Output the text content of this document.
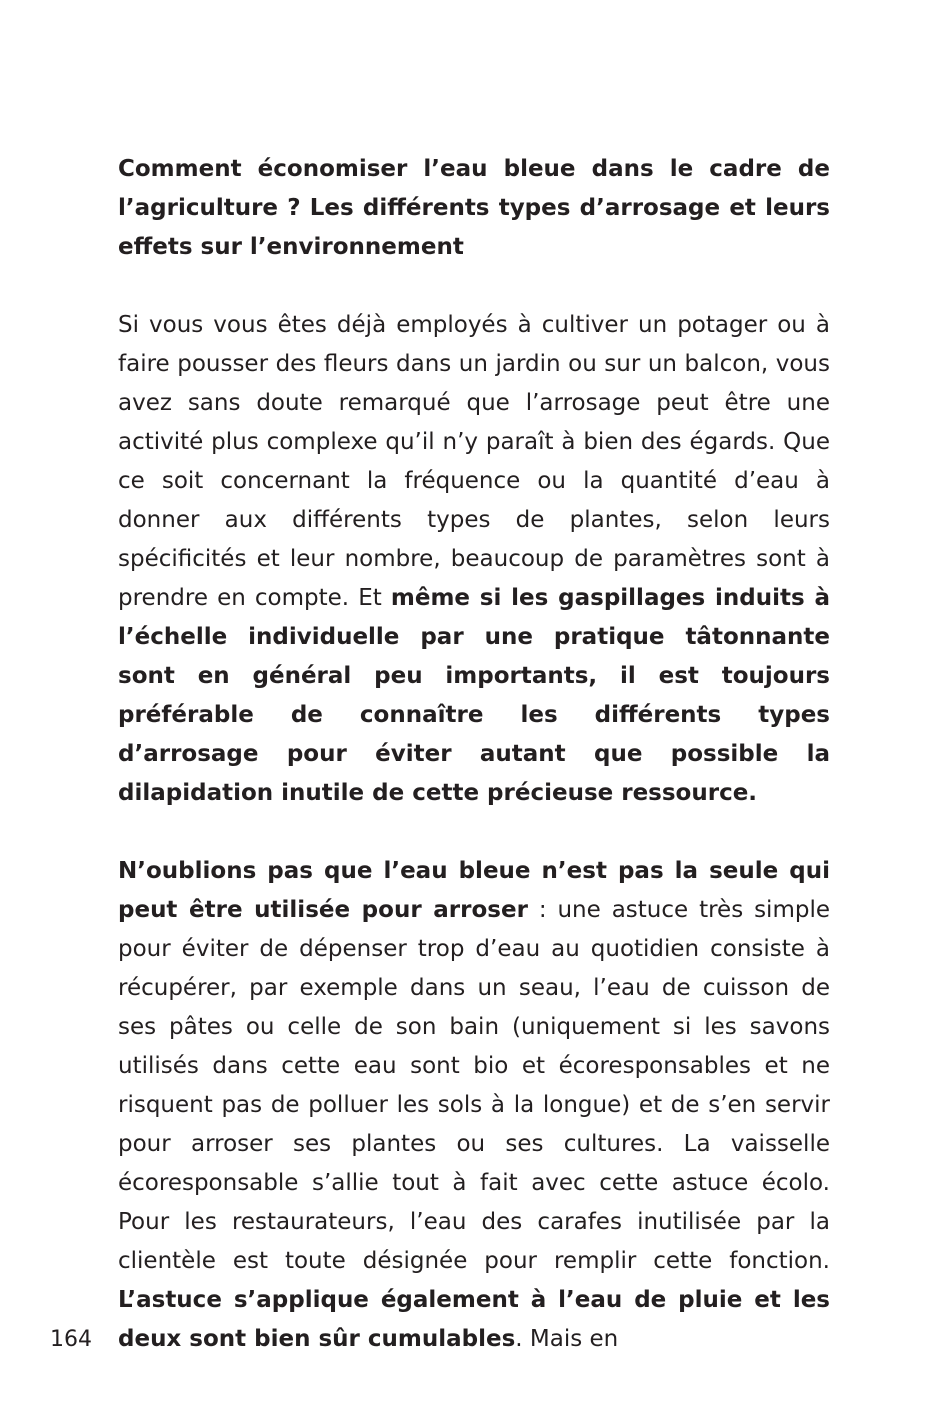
Comment économiser l’eau bleue dans le cadre de l’agriculture ? Les différents types d’arrosage et leurs effets sur l’environnement

Si vous vous êtes déjà employés à cultiver un potager ou à faire pousser des fleurs dans un jardin ou sur un balcon, vous avez sans doute remarqué que l’arrosage peut être une activité plus complexe qu’il n’y paraît à bien des égards. Que ce soit concernant la fréquence ou la quantité d’eau à donner aux différents types de plantes, selon leurs spécificités et leur nombre, beaucoup de paramètres sont à prendre en compte. Et même si les gaspillages induits à l’échelle individuelle par une pratique tâtonnante sont en général peu importants, il est toujours préférable de connaître les différents types d’arrosage pour éviter autant que possible la dilapidation inutile de cette précieuse ressource.

N’oublions pas que l’eau bleue n’est pas la seule qui peut être utilisée pour arroser : une astuce très simple pour éviter de dépenser trop d’eau au quotidien consiste à récupérer, par exemple dans un seau, l’eau de cuisson de ses pâtes ou celle de son bain (uniquement si les savons utilisés dans cette eau sont bio et écoresponsables et ne risquent pas de polluer les sols à la longue) et de s’en servir pour arroser ses plantes ou ses cultures. La vaisselle écoresponsable s’allie tout à fait avec cette astuce écolo. Pour les restaurateurs, l’eau des carafes inutilisée par la clientèle est toute désignée pour remplir cette fonction. L’astuce s’applique également à l’eau de pluie et les deux sont bien sûr cumulables. Mais en

164
